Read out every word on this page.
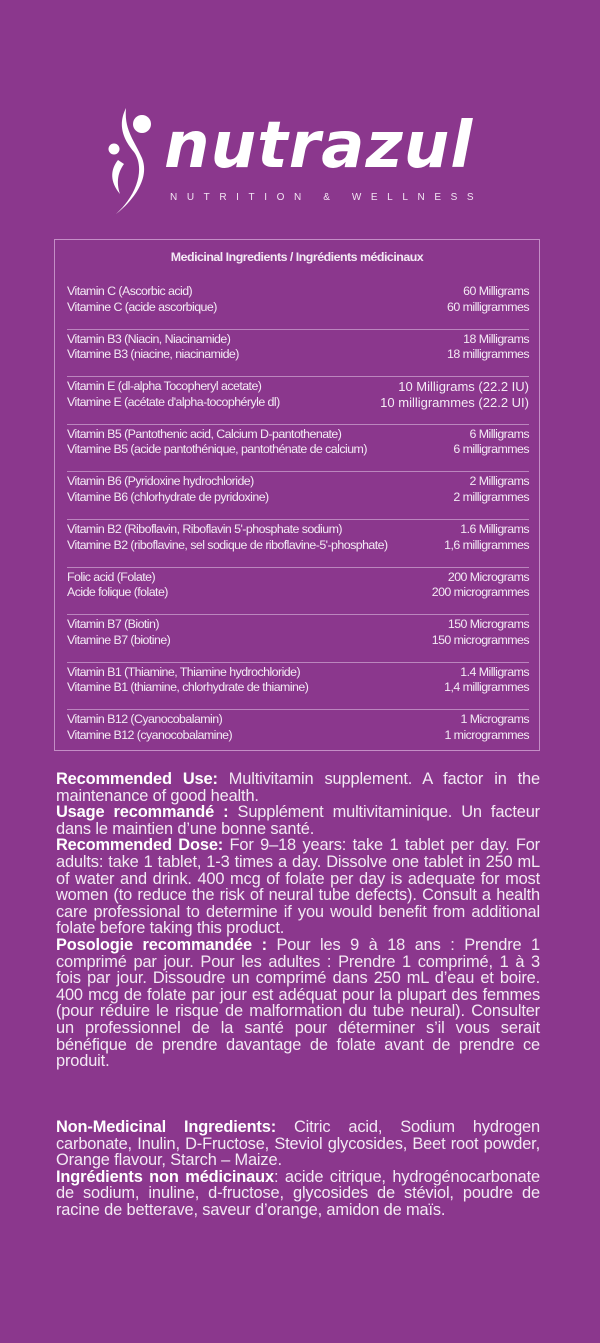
nutrazul
NUTRITION & WELLNESS
Medicinal Ingredients / Ingrédients médicinaux
Vitamin C (Ascorbic acid)
Vitamine C (acide ascorbique)
60 Milligrams
60 milligrammes
Vitamin B3 (Niacin, Niacinamide)
Vitamine B3 (niacine, niacinamide)
18 Milligrams
18 milligrammes
Vitamin E (dl-alpha Tocopheryl acetate)
Vitamine E (acétate d'alpha-tocophéryle dl)
10 Milligrams (22.2 IU)
10 milligrammes (22.2 UI)
Vitamin B5 (Pantothenic acid, Calcium D-pantothenate)
Vitamine B5 (acide pantothénique, pantothénate de calcium)
6 Milligrams
6 milligrammes
Vitamin B6 (Pyridoxine hydrochloride)
Vitamine B6 (chlorhydrate de pyridoxine)
2 Milligrams
2 milligrammes
Vitamin B2 (Riboflavin, Riboflavin 5'-phosphate sodium)
Vitamine B2 (riboflavine, sel sodique de riboflavine-5'-phosphate)
1.6 Milligrams
1,6 milligrammes
Folic acid (Folate)
Acide folique (folate)
200 Micrograms
200 microgrammes
Vitamin B7 (Biotin)
Vitamine B7 (biotine)
150 Micrograms
150 microgrammes
Vitamin B1 (Thiamine, Thiamine hydrochloride)
Vitamine B1 (thiamine, chlorhydrate de thiamine)
1.4 Milligrams
1,4 milligrammes
Vitamin B12 (Cyanocobalamin)
Vitamine B12 (cyanocobalamine)
1 Micrograms
1 microgrammes

Recommended Use: Multivitamin supplement. A factor in the maintenance of good health.

Usage recommandé : Supplément multivitaminique. Un facteur dans le maintien d’une bonne santé.

Recommended Dose: For 9–18 years: take 1 tablet per day. For adults: take 1 tablet, 1-3 times a day. Dissolve one tablet in 250 mL of water and drink. 400 mcg of folate per day is adequate for most women (to reduce the risk of neural tube defects). Consult a health care professional to determine if you would benefit from additional folate before taking this product.

Posologie recommandée : Pour les 9 à 18 ans : Prendre 1 comprimé par jour. Pour les adultes : Prendre 1 comprimé, 1 à 3 fois par jour. Dissoudre un comprimé dans 250 mL d’eau et boire. 400 mcg de folate par jour est adéquat pour la plupart des femmes (pour réduire le risque de malformation du tube neural). Consulter un professionnel de la santé pour déterminer s’il vous serait bénéfique de prendre davantage de folate avant de prendre ce produit.

Non-Medicinal Ingredients: Citric acid, Sodium hydrogen carbonate, Inulin, D-Fructose, Steviol glycosides, Beet root powder, Orange flavour, Starch – Maize.

Ingrédients non médicinaux: acide citrique, hydrogénocarbonate de sodium, inuline, d-fructose, glycosides de stéviol, poudre de racine de betterave, saveur d’orange, amidon de maïs.
